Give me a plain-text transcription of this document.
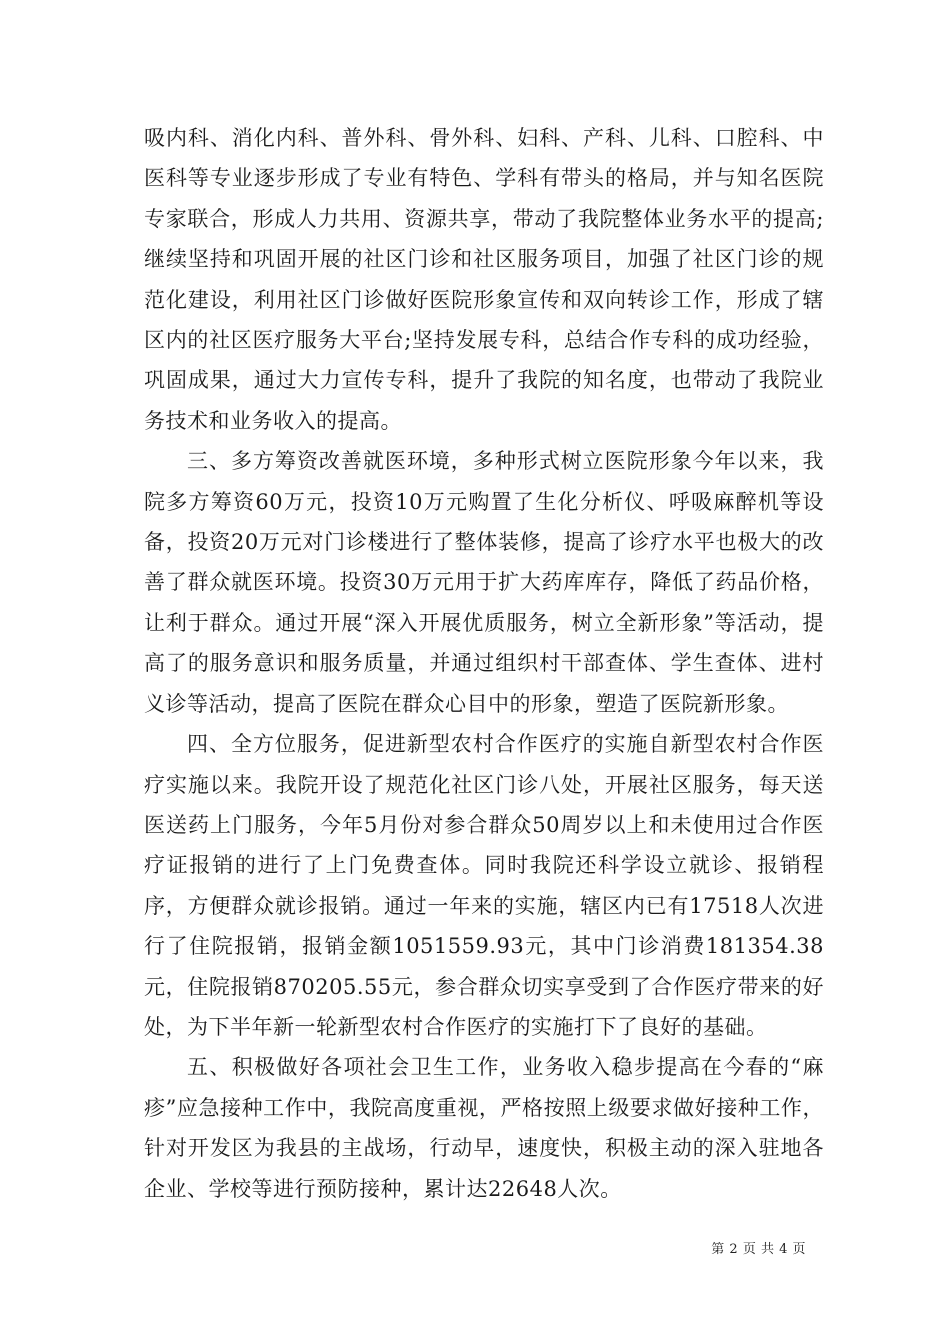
吸内科、消化内科、普外科、骨外科、妇科、产科、儿科、口腔科、中医科等专业逐步形成了专业有特色、学科有带头的格局，并与知名医院专家联合，形成人力共用、资源共享，带动了我院整体业务水平的提高;继续坚持和巩固开展的社区门诊和社区服务项目，加强了社区门诊的规范化建设，利用社区门诊做好医院形象宣传和双向转诊工作，形成了辖区内的社区医疗服务大平台;坚持发展专科，总结合作专科的成功经验，巩固成果，通过大力宣传专科，提升了我院的知名度，也带动了我院业务技术和业务收入的提高。

三、多方筹资改善就医环境，多种形式树立医院形象今年以来，我院多方筹资60万元，投资10万元购置了生化分析仪、呼吸麻醉机等设备，投资20万元对门诊楼进行了整体装修，提高了诊疗水平也极大的改善了群众就医环境。投资30万元用于扩大药库库存，降低了药品价格，让利于群众。通过开展“深入开展优质服务，树立全新形象”等活动，提高了的服务意识和服务质量，并通过组织村干部查体、学生查体、进村义诊等活动，提高了医院在群众心目中的形象，塑造了医院新形象。

四、全方位服务，促进新型农村合作医疗的实施自新型农村合作医疗实施以来。我院开设了规范化社区门诊八处，开展社区服务，每天送医送药上门服务，今年5月份对参合群众50周岁以上和未使用过合作医疗证报销的进行了上门免费查体。同时我院还科学设立就诊、报销程序，方便群众就诊报销。通过一年来的实施，辖区内已有17518人次进行了住院报销，报销金额1051559.93元，其中门诊消费181354.38元，住院报销870205.55元，参合群众切实享受到了合作医疗带来的好处，为下半年新一轮新型农村合作医疗的实施打下了良好的基础。

五、积极做好各项社会卫生工作，业务收入稳步提高在今春的“麻疹”应急接种工作中，我院高度重视，严格按照上级要求做好接种工作，针对开发区为我县的主战场，行动早，速度快，积极主动的深入驻地各企业、学校等进行预防接种，累计达22648人次。

第 2 页 共 4 页
